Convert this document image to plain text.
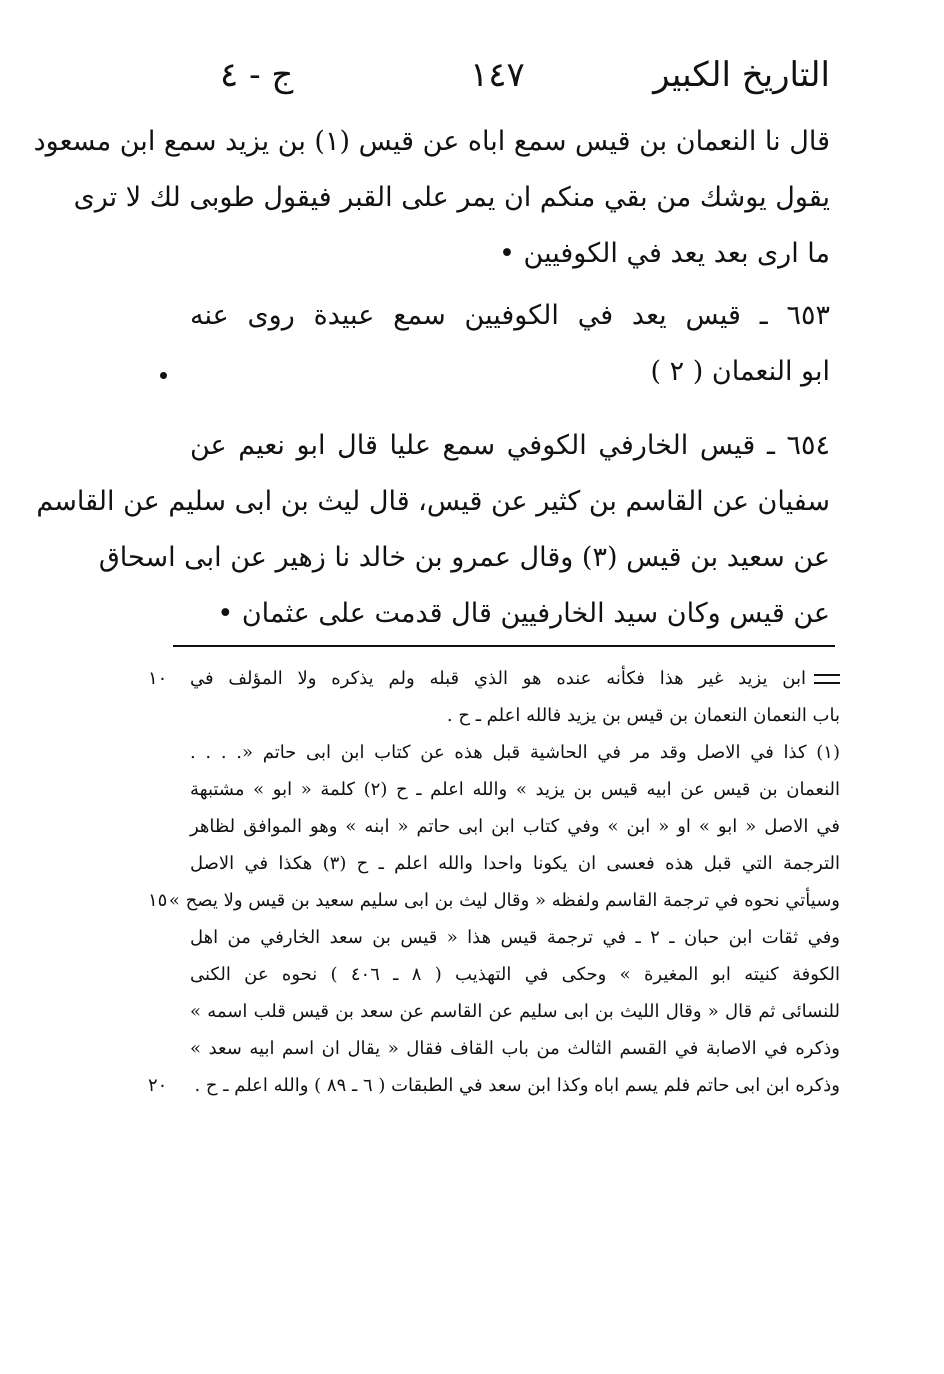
التاريخ الكبير
١٤٧
ج - ٤

قال نا النعمان بن قيس سمع اباه عن قيس (١) بن يزيد سمع ابن مسعود

يقول يوشك من بقي منكم ان يمر على القبر فيقول طوبى لك لا ترى

ما ارى بعد يعد في الكوفيين •

٦٥٣ ـ قيس يعد في الكوفيين سمع عبيدة روى عنه

ابو النعمان ( ٢ )

٦٥٤ ـ قيس الخارفي الكوفي سمع عليا قال ابو نعيم عن

سفيان عن القاسم بن كثير عن قيس، قال ليث بن ابى سليم عن القاسم

عن سعيد بن قيس (٣) وقال عمرو بن خالد نا زهير عن ابى اسحاق

عن قيس وكان سيد الخارفيين قال قدمت على عثمان •

ابن يزيد غير هذا فكأنه عنده هو الذي قبله ولم يذكره ولا المؤلف في

باب النعمان النعمان بن قيس بن يزيد فالله اعلم ـ ح .

(١) كذا في الاصل وقد مر في الحاشية قبل هذه عن كتاب ابن ابى حاتم «. . . .

النعمان بن قيس عن ابيه قيس بن يزيد » والله اعلم ـ ح (٢) كلمة « ابو » مشتبهة

في الاصل « ابو » او « ابن » وفي كتاب ابن ابى حاتم « ابنه » وهو الموافق لظاهر

الترجمة التي قبل هذه فعسى ان يكونا واحدا والله اعلم ـ ح (٣) هكذا في الاصل

وسيأتي نحوه في ترجمة القاسم ولفظه « وقال ليث بن ابى سليم سعيد بن قيس ولا يصح »

وفي ثقات ابن حبان ـ ٢ ـ في ترجمة قيس هذا « قيس بن سعد الخارفي من اهل

الكوفة كنيته ابو المغيرة » وحكى في التهذيب ( ٨ ـ ٤٠٦ ) نحوه عن الكنى

للنسائى ثم قال « وقال الليث بن ابى سليم عن القاسم عن سعد بن قيس قلب اسمه »

وذكره في الاصابة في القسم الثالث من باب القاف فقال « يقال ان اسم ابيه سعد »

وذكره ابن ابى حاتم فلم يسم اباه وكذا ابن سعد في الطبقات ( ٦ ـ ٨٩ ) والله اعلم ـ ح .

١٠
١٥
٢٠
